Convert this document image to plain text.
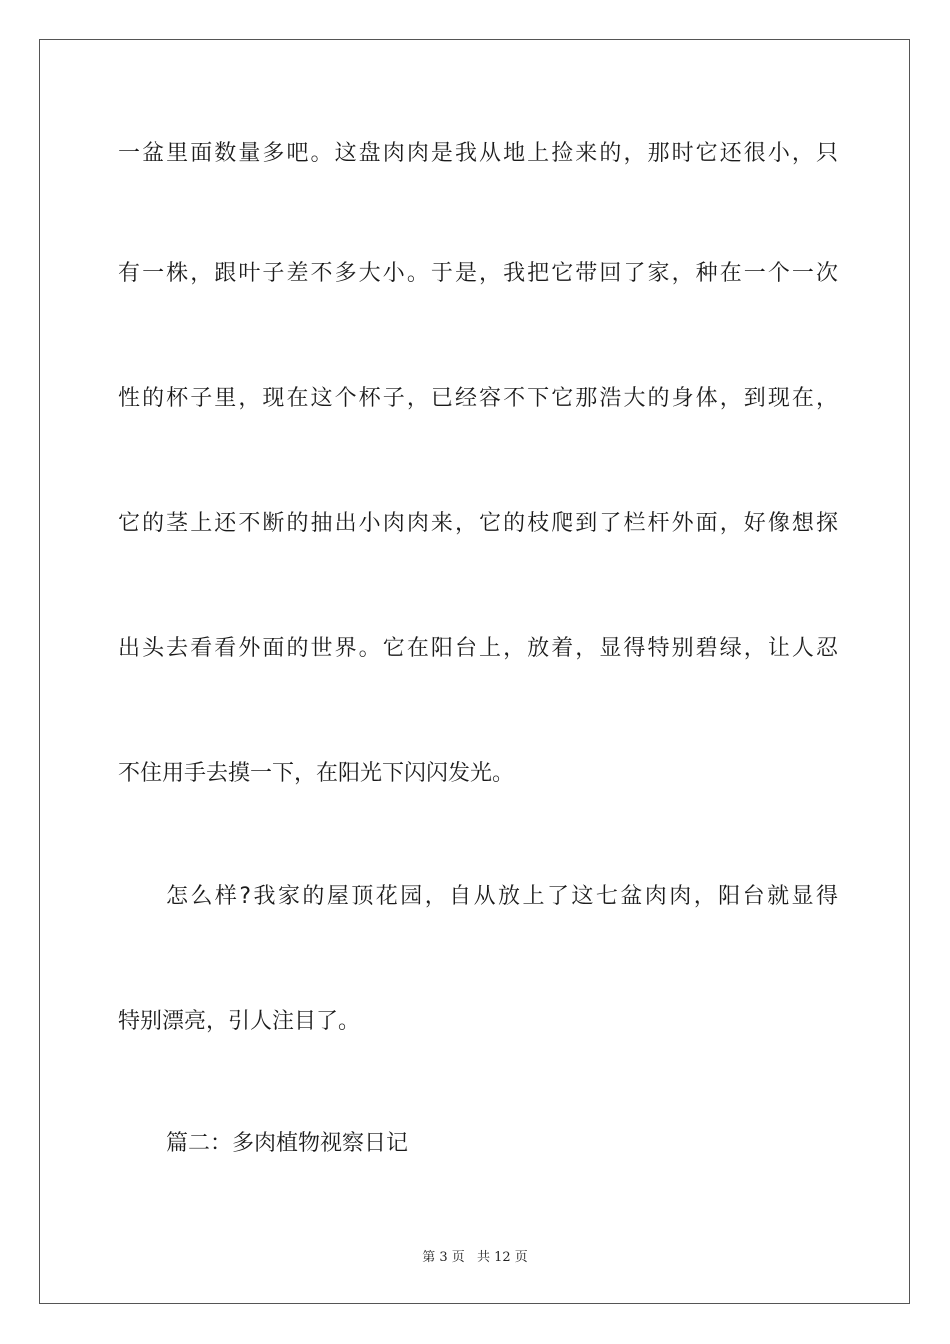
一盆里面数量多吧。这盘肉肉是我从地上捡来的，那时它还很小，只
有一株，跟叶子差不多大小。于是，我把它带回了家，种在一个一次
性的杯子里，现在这个杯子，已经容不下它那浩大的身体，到现在，
它的茎上还不断的抽出小肉肉来，它的枝爬到了栏杆外面，好像想探
出头去看看外面的世界。它在阳台上，放着，显得特别碧绿，让人忍
不住用手去摸一下，在阳光下闪闪发光。
怎么样?我家的屋顶花园，自从放上了这七盆肉肉，阳台就显得
特别漂亮，引人注目了。
篇二：多肉植物视察日记
第 3 页 共 12 页
